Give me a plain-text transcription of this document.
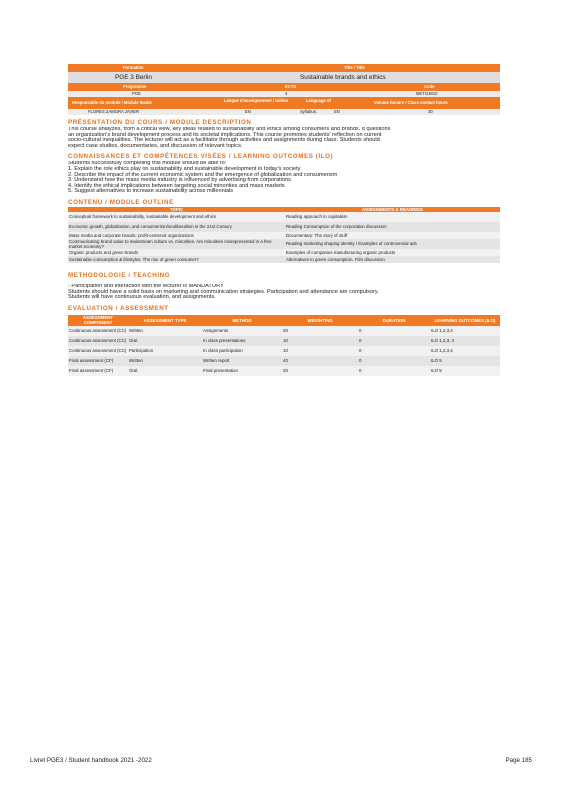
Formation	Title / Title
PGE 3 Berlin	Sustainable brands and ethics
Programme	ECTS	Code
PGE	4	MKTG4810
Responsable du module / Module leader	Langue d'enseignement / tuition	Language of	Volume horaire / Class contact hours
FLORES ZAMORA JAVIER	EN	Syllabus:	EN	30
PRÉSENTATION DU COURS / MODULE DESCRIPTION
This course analyzes, from a critical view, key ideas related to sustainability and ethics among consumers and brands. It questions
an organization's brand development process and its societal implications. This course promotes students' reflection on current
socio-cultural inequalities. The lecturer will act as a facilitator through activities and assignments during class. Students should
expect case studies, documentaries, and discussion of relevant topics.
CONNAISSANCES ET COMPÉTENCES VISÉES / LEARNING OUTCOMES (ILO)
Students successfully completing this module should be able to:
1. Explain the role ethics play on sustainability and sustainable development in today's society
2. Describe the impact of the current economic system and the emergence of globalization and consumerism
3. Understand how the mass media industry is influenced by advertising from corporations
4. Identify the ethical implications between targeting social minorities and mass markets
5. Suggest alternatives to increase sustainability across millennials
CONTENU / MODULE OUTLINE
TOPIC	ASSIGNMENTS & READINGS
Conceptual framework to sustainability, sustainable development and ethics	Reading approach to capitalism
Economic growth, globalization, and consumerism/neoliberalism in the 21st Century	Reading Consumption of the corporation discussion
Mass media and corporate brands: profit-centered organizations	Documentary: The story of stuff
Communicating brand value to mainstream culture vs. minorities. Are minorities misrepresented in a free market economy?	Reading marketing shaping identity / Examples of controversial ads
Organic products and green brands	Examples of companies manufacturing organic products
Sustainable consumption & lifestyles. The rise of green consumer?	Alternatives to green consumption. Film discussion
METHODOLOGIE / TEACHING
- Participation and interaction with the lecturer is MANDATORY
Students should have a solid basis on marketing and communication strategies. Participation and attendance are compulsory.
Students will have continuous evaluation, and assignments.
EVALUATION / ASSESSMENT
ASSESSMENT COMPONENT	ASSESSMENT TYPE	METHOD	WEIGHTING	DURATION	LEARNING OUTCOMES (ILO)
Continuous assessment (CC)	Written	Assignments	20	0	ILO 1,2,3,4
Continuous assessment (CC)	Oral	In class presentations	10	0	ILO 1,2,3, 4
Continuous assessment (CC)	Participation	In class participation	10	0	ILO 1,2,3,4
Final assessment (CF)	Written	Written report	40	0	ILO 5
Final assessment (CF)	Oral	Final presentation	20	0	ILO 5
Livret PGE3 / Student handbook 2021 -2022	Page 185
